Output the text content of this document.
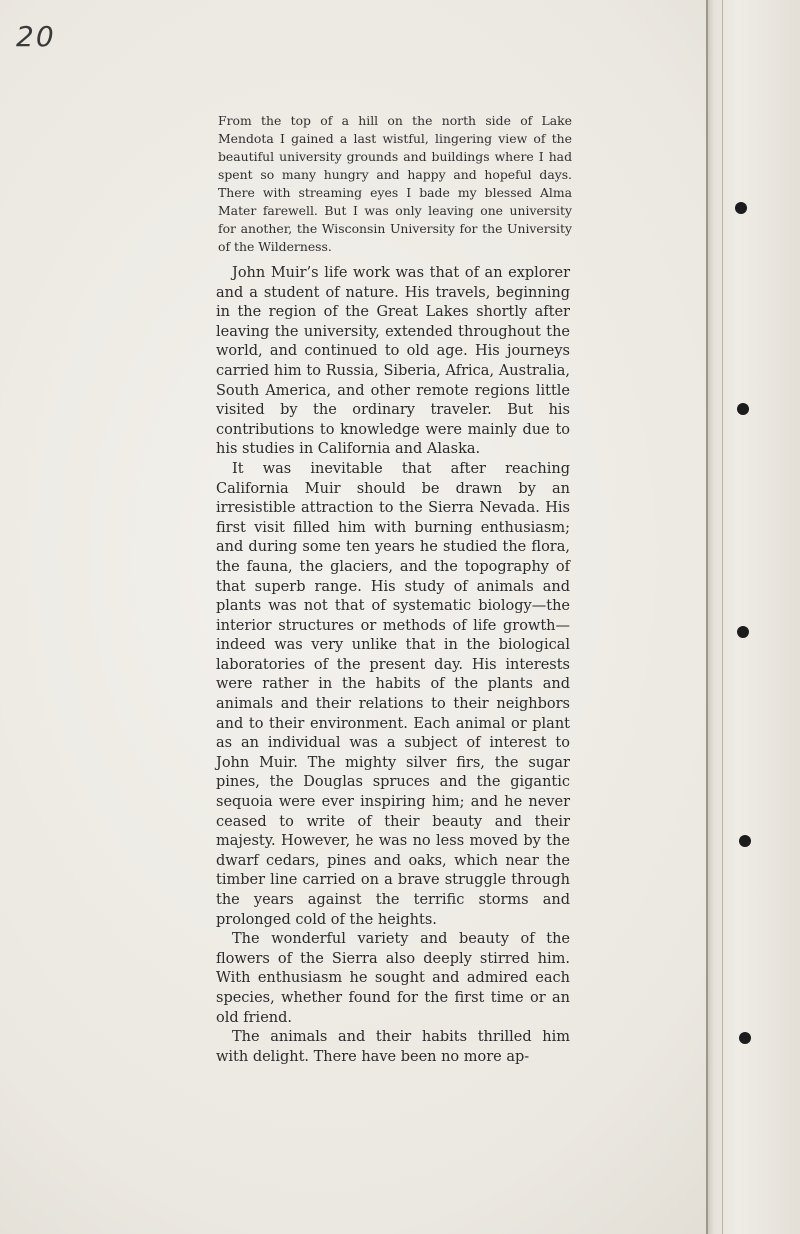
20

From the top of a hill on the north side of Lake Mendota I gained a last wistful, lingering view of the beautiful university grounds and buildings where I had spent so many hungry and happy and hopeful days. There with streaming eyes I bade my blessed Alma Mater farewell. But I was only leaving one university for another, the Wisconsin University for the University of the Wilderness.

John Muir’s life work was that of an explorer and a student of nature. His travels, beginning in the region of the Great Lakes shortly after leaving the university, extended throughout the world, and continued to old age. His journeys carried him to Russia, Siberia, Africa, Australia, South America, and other remote regions little visited by the ordinary traveler. But his contributions to knowledge were mainly due to his studies in California and Alaska.

It was inevitable that after reaching California Muir should be drawn by an irresistible attraction to the Sierra Nevada. His first visit filled him with burning enthusiasm; and during some ten years he studied the flora, the fauna, the glaciers, and the topography of that superb range. His study of animals and plants was not that of systematic biology—the interior structures or methods of life growth—indeed was very unlike that in the biological laboratories of the present day. His interests were rather in the habits of the plants and animals and their relations to their neighbors and to their environment. Each animal or plant as an individual was a subject of interest to John Muir. The mighty silver firs, the sugar pines, the Douglas spruces and the gigantic sequoia were ever inspiring him; and he never ceased to write of their beauty and their majesty. However, he was no less moved by the dwarf cedars, pines and oaks, which near the timber line carried on a brave struggle through the years against the terrific storms and prolonged cold of the heights.

The wonderful variety and beauty of the flowers of the Sierra also deeply stirred him. With enthusiasm he sought and admired each species, whether found for the first time or an old friend.

The animals and their habits thrilled him with delight. There have been no more ap-
